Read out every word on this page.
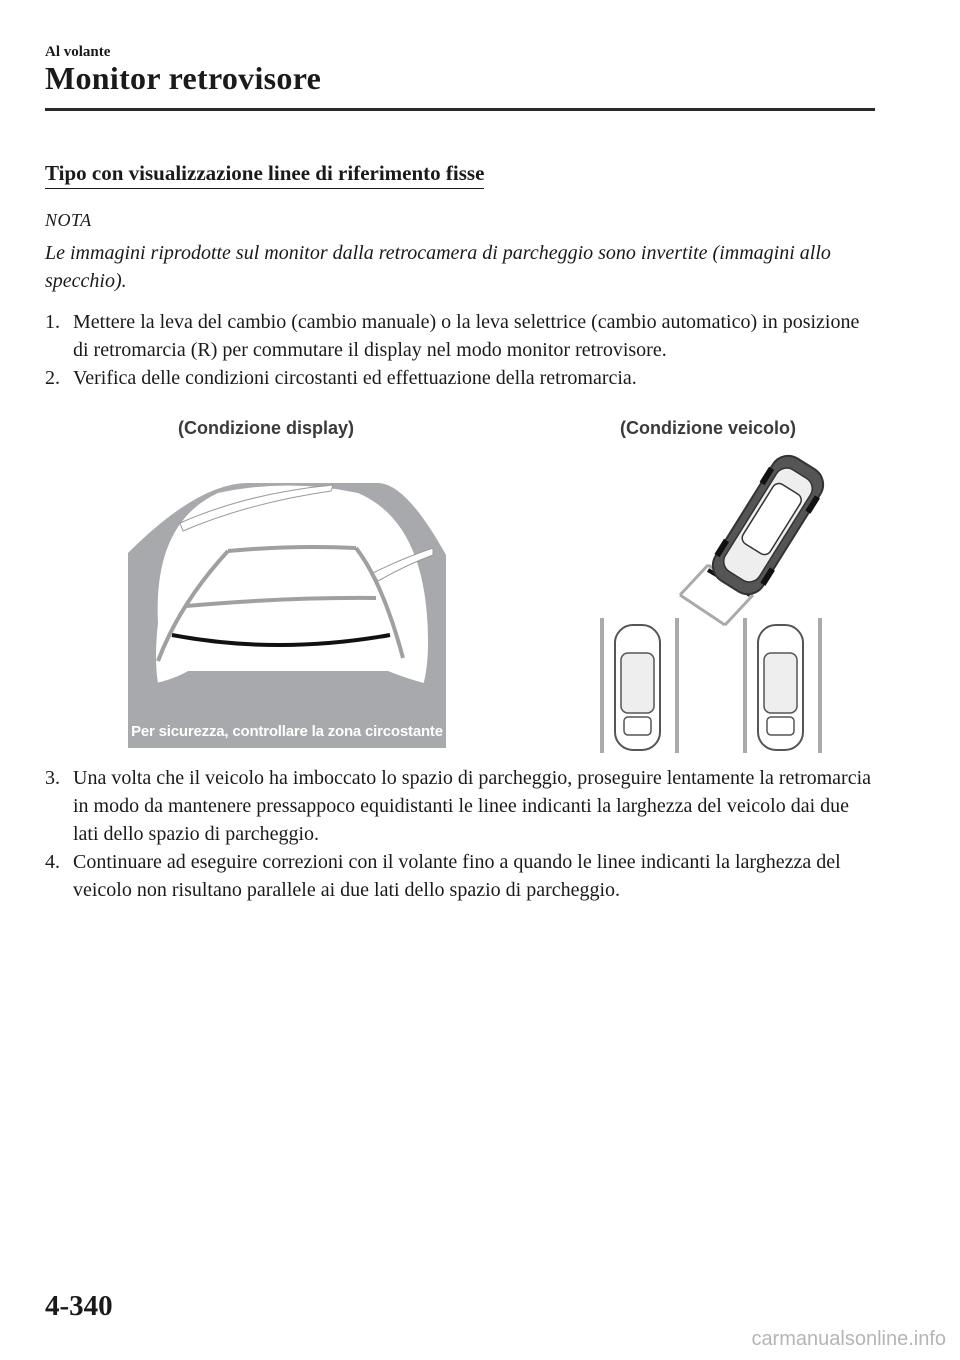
Al volante
Monitor retrovisore
Tipo con visualizzazione linee di riferimento fisse
NOTA
Le immagini riprodotte sul monitor dalla retrocamera di parcheggio sono invertite (immagini allo specchio).
1. Mettere la leva del cambio (cambio manuale) o la leva selettrice (cambio automatico) in posizione di retromarcia (R) per commutare il display nel modo monitor retrovisore.
2. Verifica delle condizioni circostanti ed effettuazione della retromarcia.
(Condizione display)	(Condizione veicolo)
Per sicurezza, controllare la zona circostante
3. Una volta che il veicolo ha imboccato lo spazio di parcheggio, proseguire lentamente la retromarcia in modo da mantenere pressappoco equidistanti le linee indicanti la larghezza del veicolo dai due lati dello spazio di parcheggio.
4. Continuare ad eseguire correzioni con il volante fino a quando le linee indicanti la larghezza del veicolo non risultano parallele ai due lati dello spazio di parcheggio.
4-340
carmanualsonline.info
